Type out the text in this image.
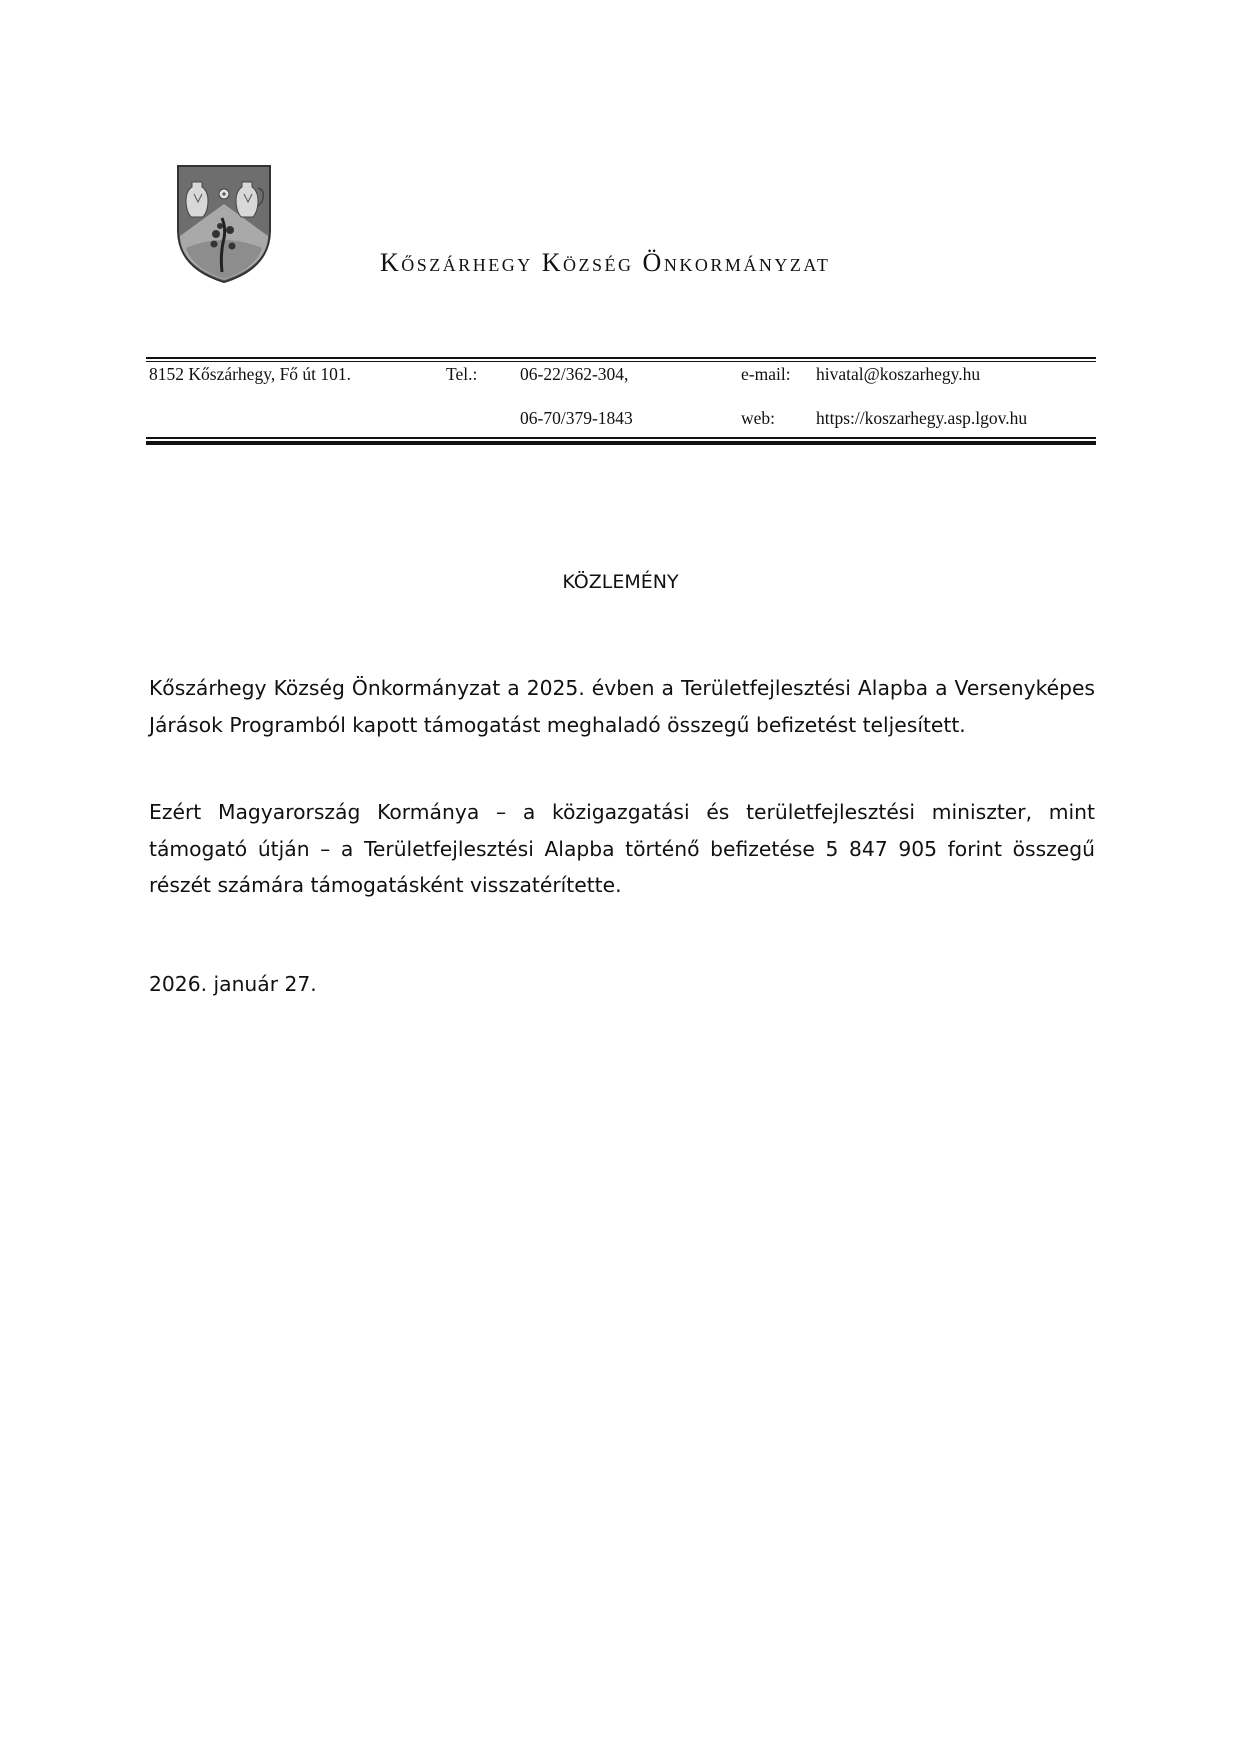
Kőszárhegy Község Önkormányzat
8152 Kőszárhegy, Fő út 101.	Tel.: 06-22/362-304,
06-70/379-1843
e-mail: hivatal@koszarhegy.hu
web: https://koszarhegy.asp.lgov.hu
KÖZLEMÉNY

Kőszárhegy Község Önkormányzat a 2025. évben a Területfejlesztési Alapba a Versenyképes Járások Programból kapott támogatást meghaladó összegű befizetést teljesített.

Ezért Magyarország Kormánya – a közigazgatási és területfejlesztési miniszter, mint támogató útján – a Területfejlesztési Alapba történő befizetése 5 847 905 forint összegű részét számára támogatásként visszatérítette.

2026. január 27.
